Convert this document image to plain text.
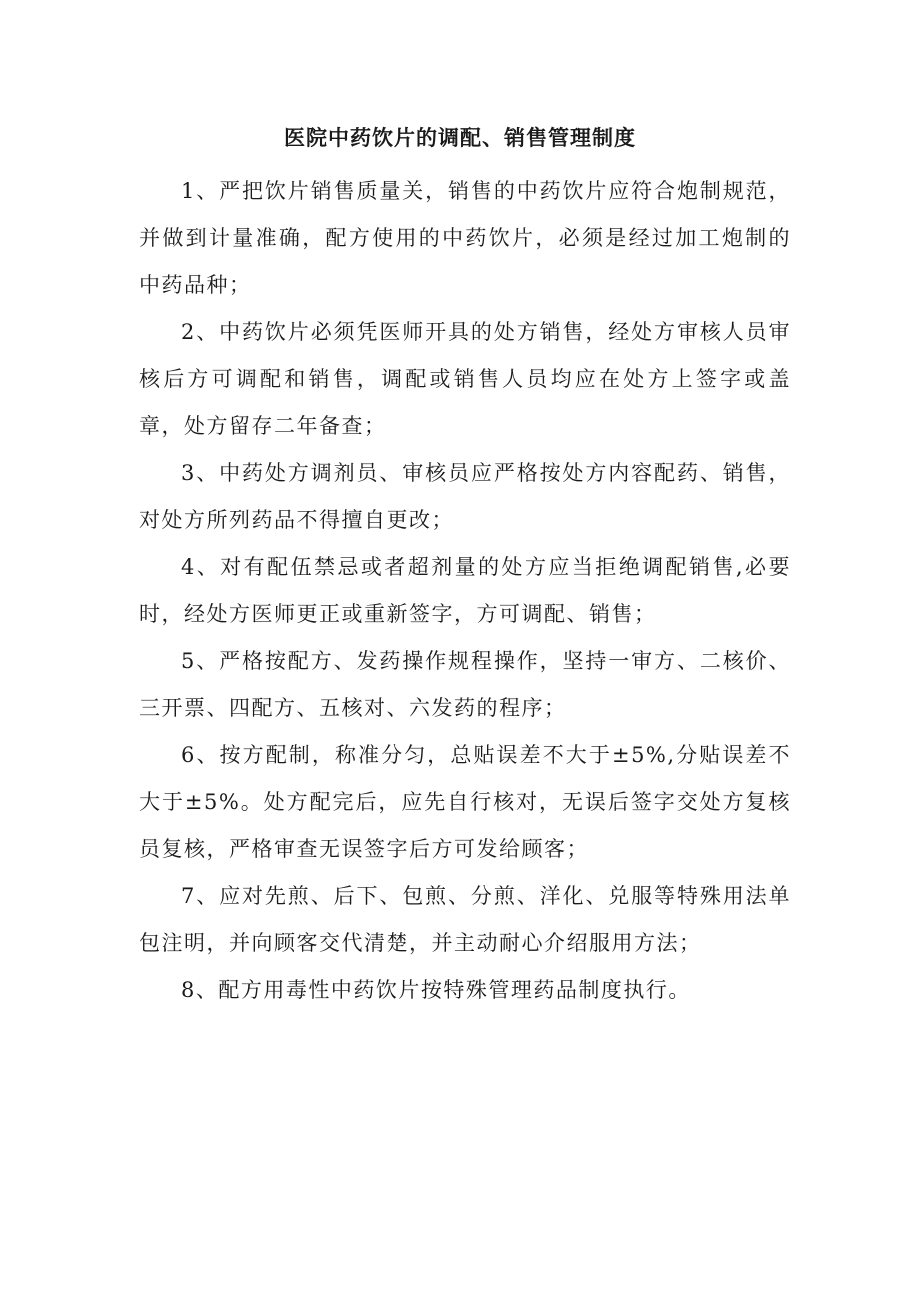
医院中药饮片的调配、销售管理制度

1、严把饮片销售质量关，销售的中药饮片应符合炮制规范，并做到计量准确，配方使用的中药饮片，必须是经过加工炮制的中药品种；

2、中药饮片必须凭医师开具的处方销售，经处方审核人员审核后方可调配和销售，调配或销售人员均应在处方上签字或盖章，处方留存二年备查；

3、中药处方调剂员、审核员应严格按处方内容配药、销售，对处方所列药品不得擅自更改；

4、对有配伍禁忌或者超剂量的处方应当拒绝调配销售,必要时，经处方医师更正或重新签字，方可调配、销售；

5、严格按配方、发药操作规程操作，坚持一审方、二核价、三开票、四配方、五核对、六发药的程序；

6、按方配制，称准分匀，总贴误差不大于±5%,分贴误差不大于±5%。处方配完后，应先自行核对，无误后签字交处方复核员复核，严格审查无误签字后方可发给顾客；

7、应对先煎、后下、包煎、分煎、洋化、兑服等特殊用法单包注明，并向顾客交代清楚，并主动耐心介绍服用方法；

8、配方用毒性中药饮片按特殊管理药品制度执行。
